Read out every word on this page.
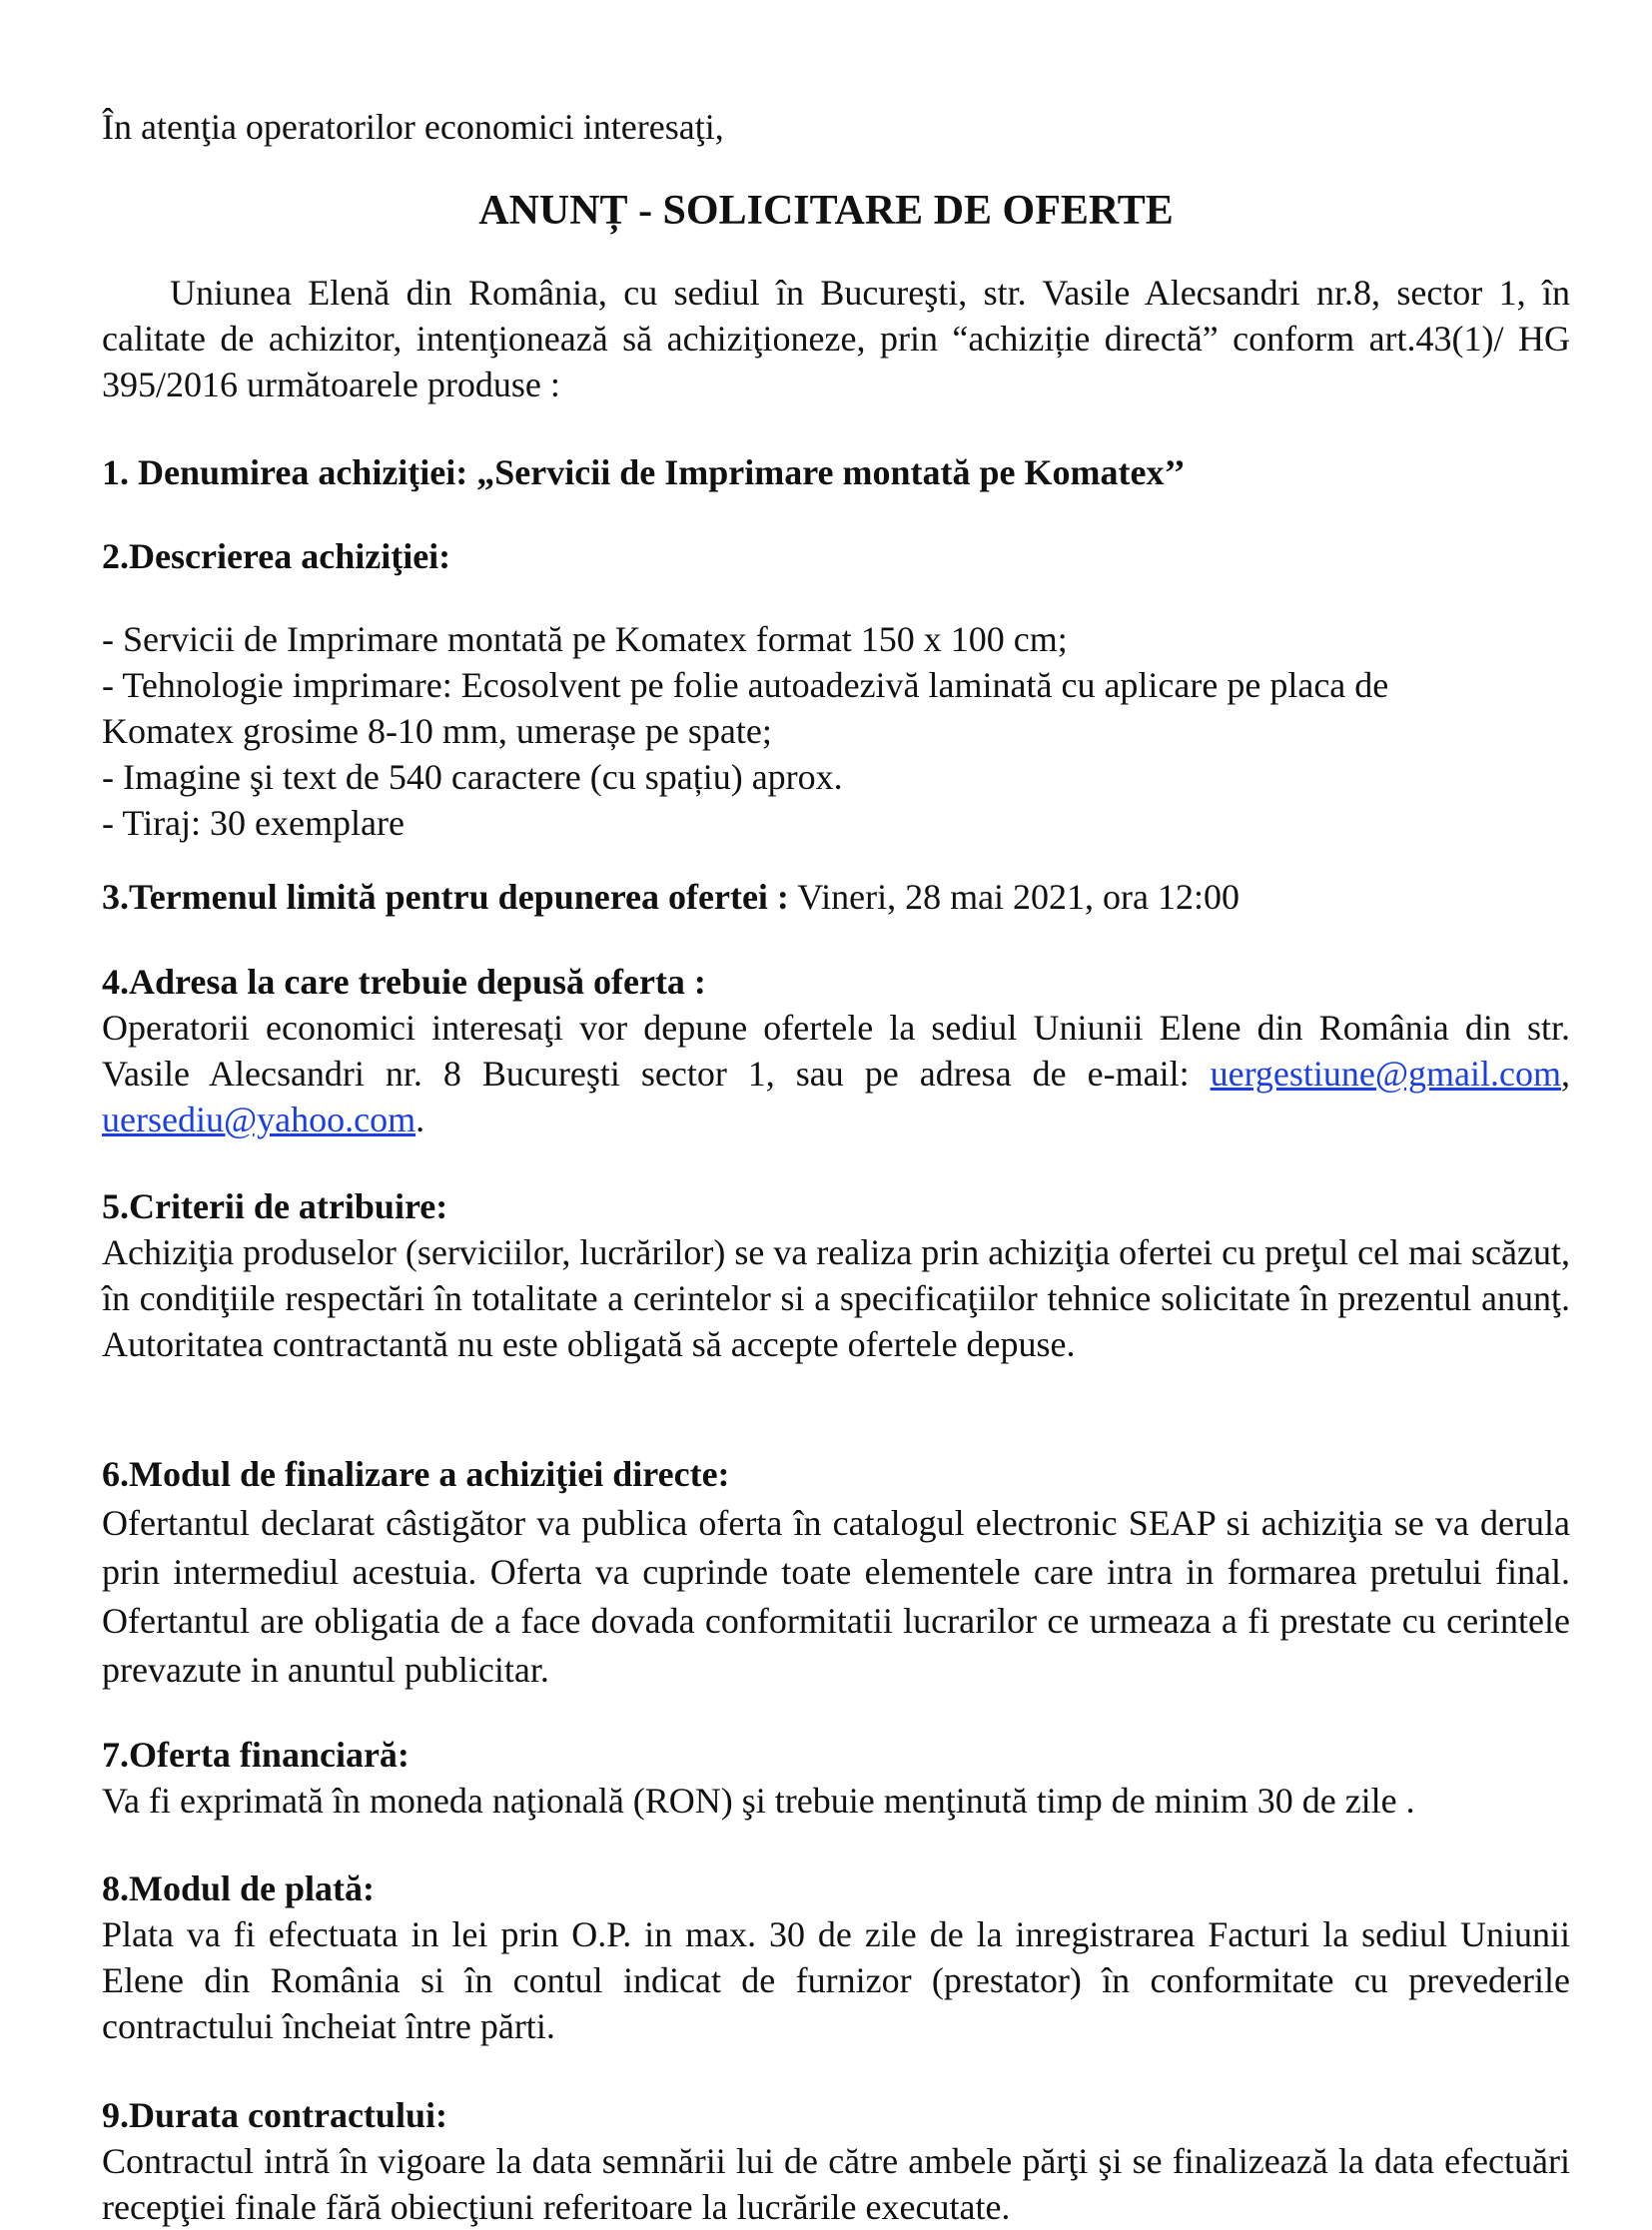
În atenţia operatorilor economici interesaţi,
ANUNȚ - SOLICITARE DE OFERTE
Uniunea Elenă din România, cu sediul în Bucureşti, str. Vasile Alecsandri nr.8, sector 1, în calitate de achizitor, intenţionează să achiziţioneze, prin “achiziție directă” conform art.43(1)/ HG 395/2016 următoarele produse :
1. Denumirea achiziţiei: „Servicii de Imprimare montată pe Komatex’’
2.Descrierea achiziţiei:
- Servicii de Imprimare montată pe Komatex format 150 x 100 cm;
- Tehnologie imprimare: Ecosolvent pe folie autoadezivă laminată cu aplicare pe placa de
Komatex grosime 8-10 mm, umerașe pe spate;
- Imagine şi text de 540 caractere (cu spațiu) aprox.
- Tiraj: 30 exemplare
3.Termenul limită pentru depunerea ofertei : Vineri, 28 mai 2021, ora 12:00
4.Adresa la care trebuie depusă oferta :
Operatorii economici interesaţi vor depune ofertele la sediul Uniunii Elene din România din str. Vasile Alecsandri nr. 8 Bucureşti sector 1, sau pe adresa de e-mail: uergestiune@gmail.com, uersediu@yahoo.com.
5.Criterii de atribuire:
Achiziţia produselor (serviciilor, lucrărilor) se va realiza prin achiziţia ofertei cu preţul cel mai scăzut, în condiţiile respectări în totalitate a cerintelor si a specificaţiilor tehnice solicitate în prezentul anunţ. Autoritatea contractantă nu este obligată să accepte ofertele depuse.
6.Modul de finalizare a achiziţiei directe:
Ofertantul declarat câstigător va publica oferta în catalogul electronic SEAP si achiziţia se va derula prin intermediul acestuia. Oferta va cuprinde toate elementele care intra in formarea pretului final. Ofertantul are obligatia de a face dovada conformitatii lucrarilor ce urmeaza a fi prestate cu cerintele prevazute in anuntul publicitar.
7.Oferta financiară:
Va fi exprimată în moneda naţională (RON) şi trebuie menţinută timp de minim 30 de zile .
8.Modul de plată:
Plata va fi efectuata in lei prin O.P. in max. 30 de zile de la inregistrarea Facturi la sediul Uniunii Elene din România si în contul indicat de furnizor (prestator) în conformitate cu prevederile contractului încheiat între părti.
9.Durata contractului:
Contractul intră în vigoare la data semnării lui de către ambele părţi şi se finalizează la data efectuări recepţiei finale fără obiecţiuni referitoare la lucrările executate.
